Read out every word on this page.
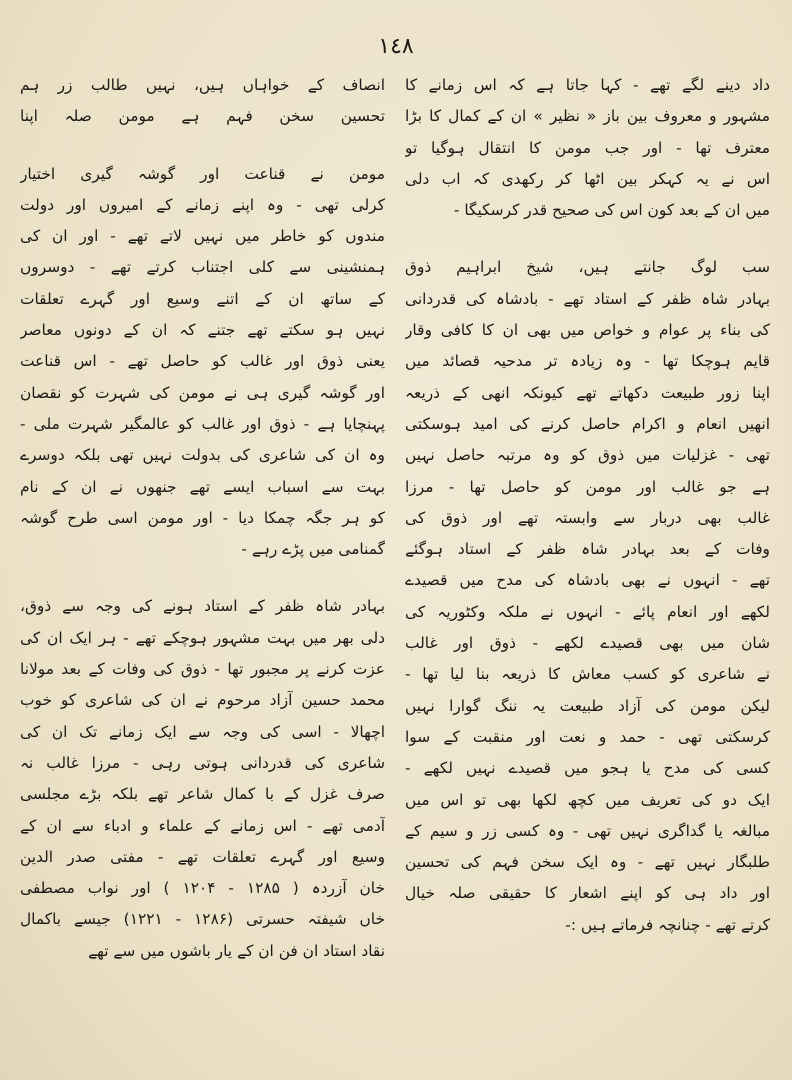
١٤٨

داد دینے لگے تھے - کہا جاتا ہے کہ اس زمانے کا
مشہور و معروف بین باز « نظیر » ان کے کمال کا بڑا
معترف تھا - اور جب مومن کا انتقال ہوگیا تو
اس نے یہ کہکر بین اٹھا کر رکھدی کہ اب دلی
میں ان کے بعد کون اس کی صحیح قدر کرسکیگا -

سب لوگ جانتے ہیں، شیخ ابراہیم ذوق
بہادر شاہ ظفر کے استاد تھے - بادشاہ کی قدردانی
کی بناء پر عوام و خواص میں بھی ان کا کافی وقار
قایم ہوچکا تھا - وہ زیادہ تر مدحیہ قصائد میں
اپنا زور طبیعت دکھاتے تھے کیونکہ انھی کے ذریعہ
انھیں انعام و اکرام حاصل کرنے کی امید ہوسکتی
تھی - غزلیات میں ذوق کو وہ مرتبہ حاصل نہیں
ہے جو غالب اور مومن کو حاصل تھا - مرزا
غالب بھی دربار سے وابستہ تھے اور ذوق کی
وفات کے بعد بہادر شاہ ظفر کے استاد ہوگئے
تھے - انہوں نے بھی بادشاہ کی مدح میں قصیدے
لکھے اور انعام پائے - انہوں نے ملکہ وکٹوریہ کی
شان میں بھی قصیدے لکھے - ذوق اور غالب
نے شاعری کو کسب معاش کا ذریعہ بنا لیا تھا -
لیکن مومن کی آزاد طبیعت یہ ننگ گوارا نہیں
کرسکتی تھی - حمد و نعت اور منقبت کے سوا
کسی کی مدح یا ہجو میں قصیدے نہیں لکھے -
ایک دو کی تعریف میں کچھ لکھا بھی تو اس میں
مبالغہ یا گداگری نہیں تھی - وہ کسی زر و سیم کے
طلبگار نہیں تھے - وہ ایک سخن فہم کی تحسین
اور داد ہی کو اپنے اشعار کا حقیقی صلہ خیال
کرتے تھے - چنانچہ فرماتے ہیں :-

انصاف کے خواہاں ہیں، نہیں طالب زر ہم
تحسین سخن فہم ہے مومن صلہ اپنا

مومن نے قناعت اور گوشہ گیری اختیار
کرلی تھی - وہ اپنے زمانے کے امیروں اور دولت
مندوں کو خاطر میں نہیں لاتے تھے - اور ان کی
ہمنشینی سے کلی اجتناب کرتے تھے - دوسروں
کے ساتھ ان کے اتنے وسیع اور گہرے تعلقات
نہیں ہو سکتے تھے جتنے کہ ان کے دونوں معاصر
یعنی ذوق اور غالب کو حاصل تھے - اس قناعت
اور گوشہ گیری ہی نے مومن کی شہرت کو نقصان
پہنچایا ہے - ذوق اور غالب کو عالمگیر شہرت ملی -
وہ ان کی شاعری کی بدولت نہیں تھی بلکہ دوسرے
بہت سے اسباب ایسے تھے جنھوں نے ان کے نام
کو ہر جگہ چمکا دیا - اور مومن اسی طرح گوشہ
گمنامی میں پڑے رہے -

بہادر شاہ ظفر کے استاد ہونے کی وجہ سے ذوق،
دلی بھر میں بہت مشہور ہوچکے تھے - ہر ایک ان کی
عزت کرنے پر مجبور تھا - ذوق کی وفات کے بعد مولانا
محمد حسین آزاد مرحوم نے ان کی شاعری کو خوب
اچھالا - اسی کی وجہ سے ایک زمانے تک ان کی
شاعری کی قدردانی ہوتی رہی - مرزا غالب نہ
صرف غزل کے با کمال شاعر تھے بلکہ بڑے مجلسی
آدمی تھے - اس زمانے کے علماء و ادباء سے ان کے
وسیع اور گہرے تعلقات تھے - مفتی صدر الدین
خان آزردہ ( ۱۲۸۵ - ۱۲۰۴ ) اور نواب مصطفی
خاں شیفتہ حسرتی (۱۲۸۶ - ۱۲۲۱) جیسے باکمال
نقاد استاد ان فن ان کے یار باشوں میں سے تھے
